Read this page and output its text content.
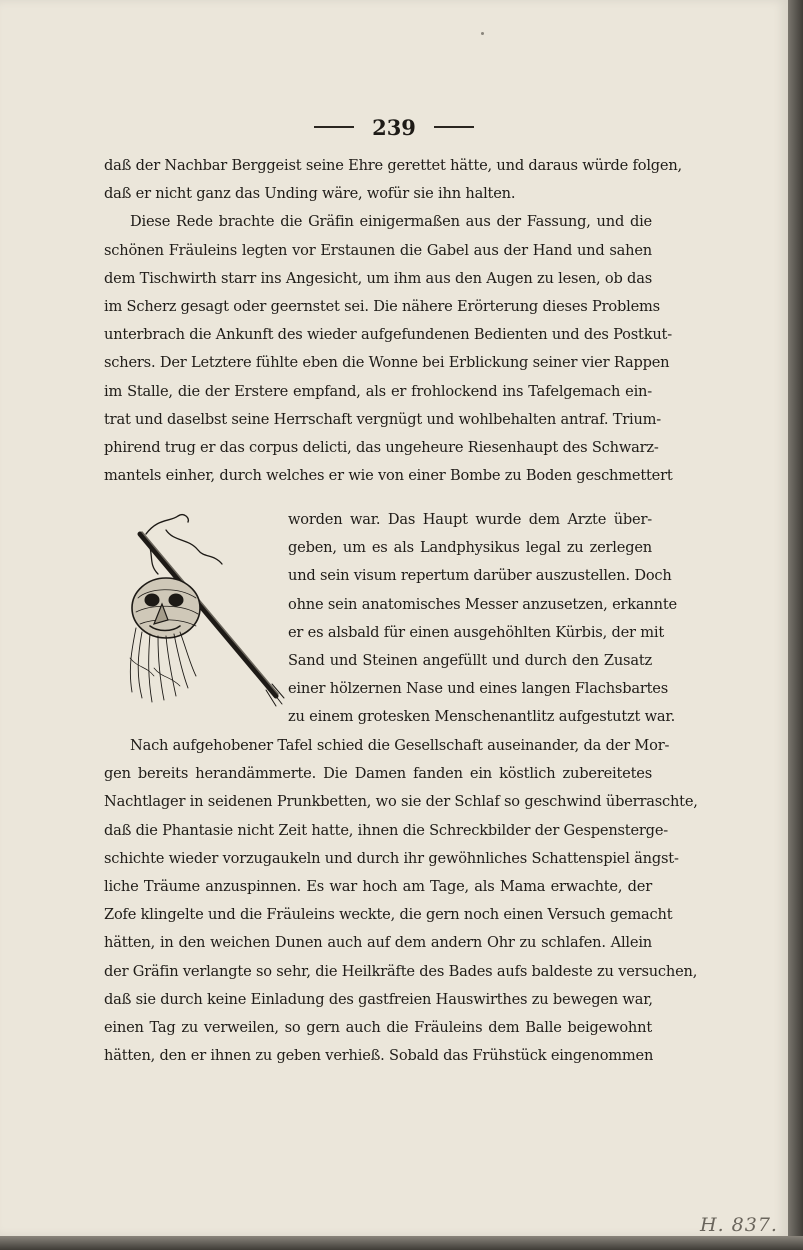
239
daß der Nachbar Berggeist seine Ehre gerettet hätte, und daraus würde folgen,
daß er nicht ganz das Unding wäre, wofür sie ihn halten.
Diese Rede brachte die Gräfin einigermaßen aus der Fassung, und die
schönen Fräuleins legten vor Erstaunen die Gabel aus der Hand und sahen
dem Tischwirth starr ins Angesicht, um ihm aus den Augen zu lesen, ob das
im Scherz gesagt oder geernstet sei. Die nähere Erörterung dieses Problems
unterbrach die Ankunft des wieder aufgefundenen Bedienten und des Postkut-
schers. Der Letztere fühlte eben die Wonne bei Erblickung seiner vier Rappen
im Stalle, die der Erstere empfand, als er frohlockend ins Tafelgemach ein-
trat und daselbst seine Herrschaft vergnügt und wohlbehalten antraf. Trium-
phirend trug er das corpus delicti, das ungeheure Riesenhaupt des Schwarz-
mantels einher, durch welches er wie von einer Bombe zu Boden geschmettert
worden war. Das Haupt wurde dem Arzte über-
geben, um es als Landphysikus legal zu zerlegen
und sein visum repertum darüber auszustellen. Doch
ohne sein anatomisches Messer anzusetzen, erkannte
er es alsbald für einen ausgehöhlten Kürbis, der mit
Sand und Steinen angefüllt und durch den Zusatz
einer hölzernen Nase und eines langen Flachsbartes
zu einem grotesken Menschenantlitz aufgestutzt war.
Nach aufgehobener Tafel schied die Gesellschaft auseinander, da der Mor-
gen bereits herandämmerte. Die Damen fanden ein köstlich zubereitetes
Nachtlager in seidenen Prunkbetten, wo sie der Schlaf so geschwind überraschte,
daß die Phantasie nicht Zeit hatte, ihnen die Schreckbilder der Gespensterge-
schichte wieder vorzugaukeln und durch ihr gewöhnliches Schattenspiel ängst-
liche Träume anzuspinnen. Es war hoch am Tage, als Mama erwachte, der
Zofe klingelte und die Fräuleins weckte, die gern noch einen Versuch gemacht
hätten, in den weichen Dunen auch auf dem andern Ohr zu schlafen. Allein
der Gräfin verlangte so sehr, die Heilkräfte des Bades aufs baldeste zu versuchen,
daß sie durch keine Einladung des gastfreien Hauswirthes zu bewegen war,
einen Tag zu verweilen, so gern auch die Fräuleins dem Balle beigewohnt
hätten, den er ihnen zu geben verhieß. Sobald das Frühstück eingenommen
H. 837.
